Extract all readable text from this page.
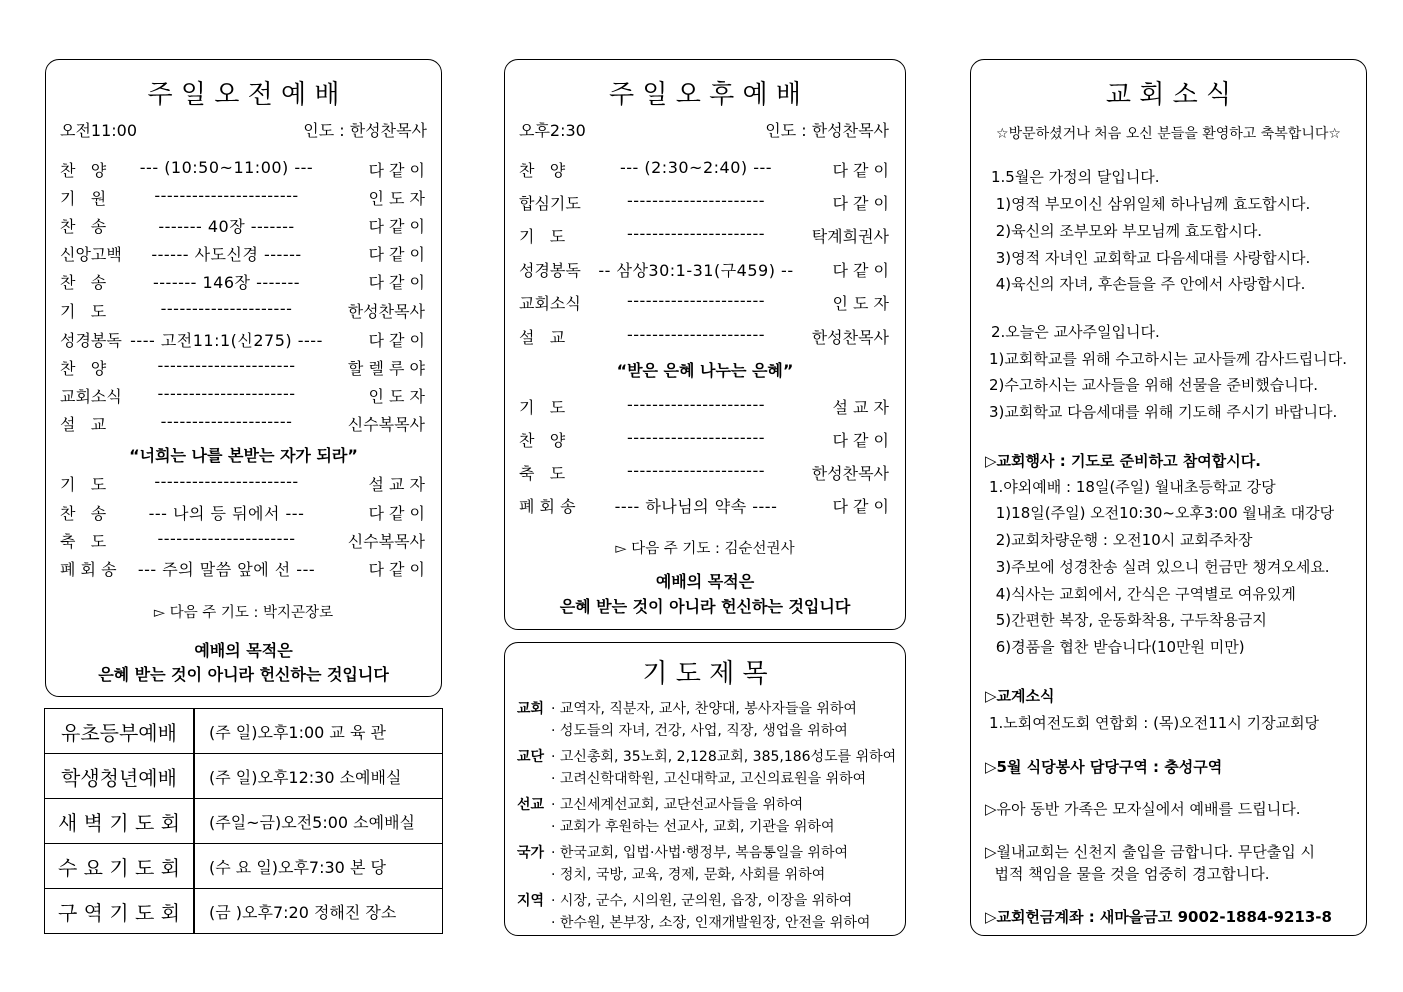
주 일 오 전 예 배
오전11:00	인도 : 한성찬목사
찬   양	--- (10:50~11:00) ---	다 같 이
기   원	-----------------------	인 도 자
찬   송	------- 40장 -------	다 같 이
신앙고백	------ 사도신경 ------	다 같 이
찬   송	------- 146장 -------	다 같 이
기   도	---------------------	한성찬목사
성경봉독 ---- 고전11:1(신275) ----	다 같 이
찬   양	----------------------	할 렐 루 야
교회소식	----------------------	인 도 자
설   교	---------------------	신수복목사
“너희는 나를 본받는 자가 되라”
기   도	-----------------------	설 교 자
찬   송	--- 나의 등 뒤에서 ---	다 같 이
축   도	----------------------	신수복목사
폐 회 송	--- 주의 말씀 앞에 선 ---	다 같 이
▻ 다음 주 기도 : 박지곤장로
예배의 목적은
은혜 받는 것이 아니라 헌신하는 것입니다
유초등부예배	(주 일)오후1:00 교 육 관
학생청년예배	(주 일)오후12:30 소예배실
새 벽 기 도 회	(주일~금)오전5:00 소예배실
수 요 기 도 회	(수 요 일)오후7:30 본 당
구 역 기 도 회	(금 )오후7:20 정해진 장소
주 일 오 후 예 배
오후2:30	인도 : 한성찬목사
찬   양	--- (2:30~2:40) ---	다 같 이
합심기도	----------------------	다 같 이
기   도	----------------------	탁계희권사
성경봉독	-- 삼상30:1-31(구459) --	다 같 이
교회소식	----------------------	인 도 자
설   교	----------------------	한성찬목사
“받은 은혜 나누는 은혜”
기   도	----------------------	설 교 자
찬   양	----------------------	다 같 이
축   도	----------------------	한성찬목사
폐 회 송	---- 하나님의 약속 ----	다 같 이
▻ 다음 주 기도 : 김순선권사
예배의 목적은
은혜 받는 것이 아니라 헌신하는 것입니다
기 도 제 목
교회 · 교역자, 직분자, 교사, 찬양대, 봉사자들을 위하여
· 성도들의 자녀, 건강, 사업, 직장, 생업을 위하여
교단 · 고신총회, 35노회, 2,128교회, 385,186성도를 위하여
· 고려신학대학원, 고신대학교, 고신의료원을 위하여
선교 · 고신세계선교회, 교단선교사들을 위하여
· 교회가 후원하는 선교사, 교회, 기관을 위하여
국가 · 한국교회, 입법·사법·행정부, 복음통일을 위하여
· 정치, 국방, 교육, 경제, 문화, 사회를 위하여
지역 · 시장, 군수, 시의원, 군의원, 읍장, 이장을 위하여
· 한수원, 본부장, 소장, 인재개발원장, 안전을 위하여
교 회 소 식
☆방문하셨거나 처음 오신 분들을 환영하고 축복합니다☆
1.5월은 가정의 달입니다.
1)영적 부모이신 삼위일체 하나님께 효도합시다.
2)육신의 조부모와 부모님께 효도합시다.
3)영적 자녀인 교회학교 다음세대를 사랑합시다.
4)육신의 자녀, 후손들을 주 안에서 사랑합시다.
2.오늘은 교사주일입니다.
1)교회학교를 위해 수고하시는 교사들께 감사드립니다.
2)수고하시는 교사들을 위해 선물을 준비했습니다.
3)교회학교 다음세대를 위해 기도해 주시기 바랍니다.
▷교회행사 : 기도로 준비하고 참여합시다.
1.야외예배 : 18일(주일) 월내초등학교 강당
1)18일(주일) 오전10:30~오후3:00 월내초 대강당
2)교회차량운행 : 오전10시 교회주차장
3)주보에 성경찬송 실려 있으니 헌금만 챙겨오세요.
4)식사는 교회에서, 간식은 구역별로 여유있게
5)간편한 복장, 운동화착용, 구두착용금지
6)경품을 협찬 받습니다(10만원 미만)
▷교계소식
1.노회여전도회 연합회 : (목)오전11시 기장교회당
▷5월 식당봉사 담당구역 : 충성구역
▷유아 동반 가족은 모자실에서 예배를 드립니다.
▷월내교회는 신천지 출입을 금합니다. 무단출입 시
법적 책임을 물을 것을 엄중히 경고합니다.
▷교회헌금계좌 : 새마을금고 9002-1884-9213-8
